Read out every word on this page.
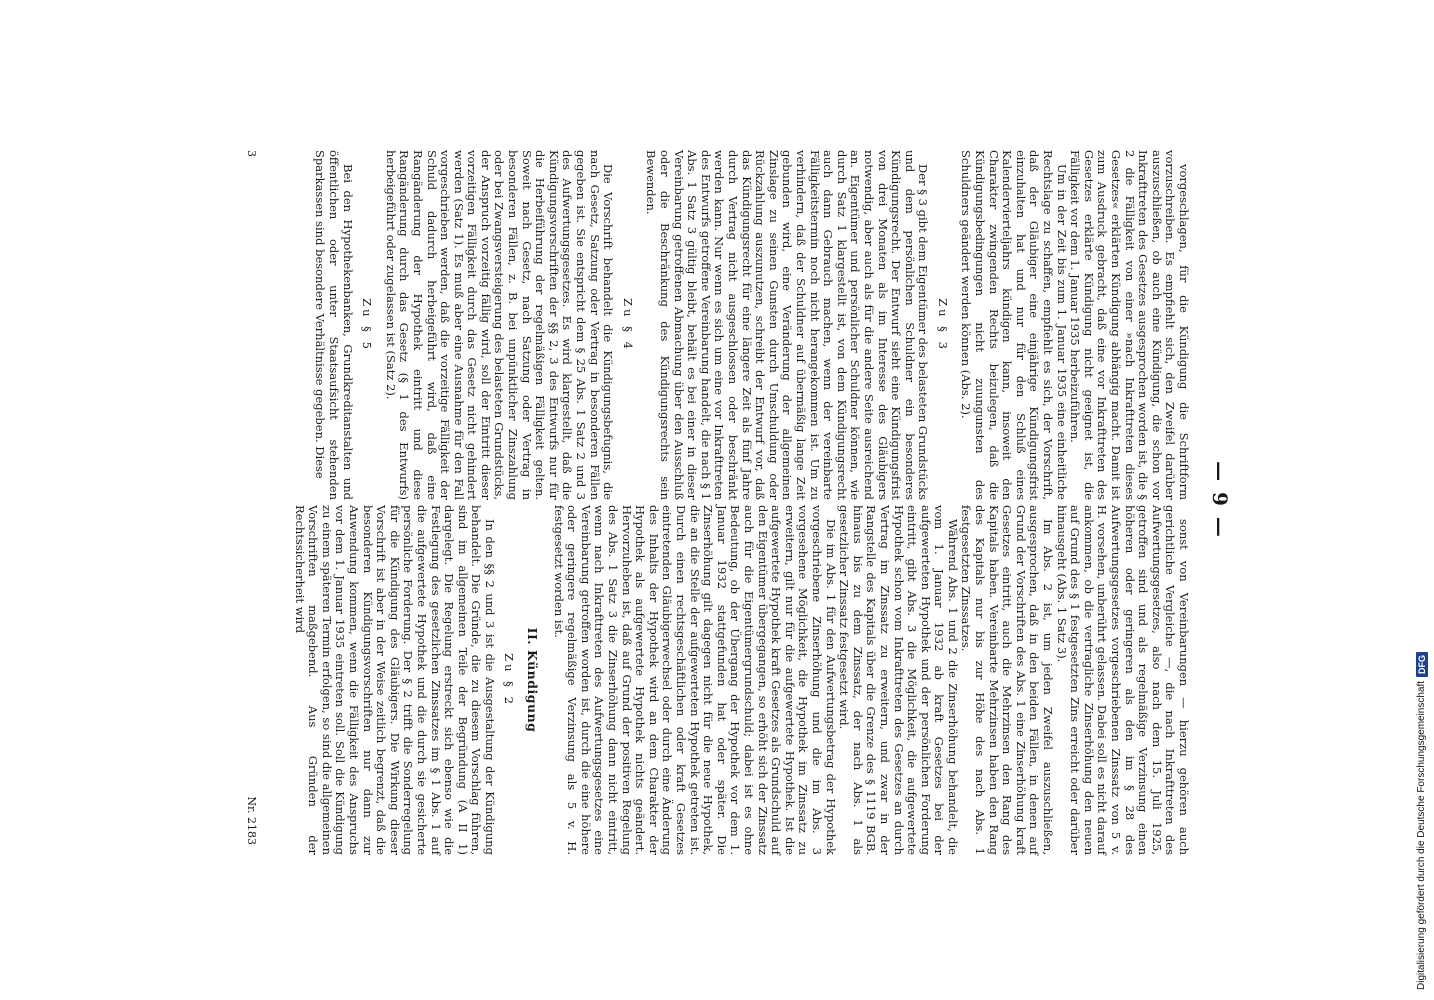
— 9 —

vorgeschlagen, für die Kündigung die Schriftform vorzuschreiben. Es empfiehlt sich, den Zweifel darüber auszuschließen, ob auch eine Kündigung, die schon vor Inkrafttreten des Gesetzes ausgesprochen worden ist, die § 2 die Fälligkeit von einer »nach Inkrafttreten dieses Gesetzes« erklärten Kündigung abhängig macht. Damit ist zum Ausdruck gebracht, daß eine vor Inkrafttreten des Gesetzes erklärte Kündigung nicht geeignet ist, die Fälligkeit vor dem 1. Januar 1935 herbeizuführen.

Um in der Zeit bis zum 1. Januar 1935 eine einheitliche Rechtslage zu schaffen, empfiehlt es sich, der Vorschrift, daß der Gläubiger eine einjährige Kündigungsfrist einzuhalten hat und nur für den Schluß eines Kalendervierteljahrs kündigen kann, insoweit den Charakter zwingenden Rechts beizulegen, daß die Kündigungsbedingungen nicht zuungunsten des Schuldners geändert werden können (Abs. 2).

Zu § 3

Der § 3 gibt dem Eigentümer des belasteten Grundstücks und dem persönlichen Schuldner ein besonderes Kündigungsrecht. Der Entwurf sieht eine Kündigungsfrist von drei Monaten als im Interesse des Gläubigers notwendig, aber auch als für die andere Seite ausreichend an. Eigentümer und persönlicher Schuldner können, wie durch Satz 1 klargestellt ist, von dem Kündigungsrecht auch dann Gebrauch machen, wenn der vereinbarte Fälligkeitstermin noch nicht herangekommen ist. Um zu verhindern, daß der Schuldner auf übermäßig lange Zeit gebunden wird, eine Veränderung der allgemeinen Zinslage zu seinen Gunsten durch Umschuldung oder Rückzahlung auszunutzen, schreibt der Entwurf vor, daß das Kündigungsrecht für eine längere Zeit als fünf Jahre durch Vertrag nicht ausgeschlossen oder beschränkt werden kann. Nur wenn es sich um eine vor Inkrafttreten des Entwurfs getroffene Vereinbarung handelt, die nach § 1 Abs. 1 Satz 3 gültig bleibt, behält es bei einer in dieser Vereinbarung getroffenen Abmachung über den Ausschluß oder die Beschränkung des Kündigungsrechts sein Bewenden.

Zu § 4

Die Vorschrift behandelt die Kündigungsbefugnis, die nach Gesetz, Satzung oder Vertrag in besonderen Fällen gegeben ist. Sie entspricht dem § 25 Abs. 1 Satz 2 und 3 des Aufwertungsgesetzes. Es wird klargestellt, daß die Kündigungsvorschriften der §§ 2, 3 des Entwurfs nur für die Herbeiführung der regelmäßigen Fälligkeit gelten. Soweit nach Gesetz, nach Satzung oder Vertrag in besonderen Fällen, z. B. bei unpünktlicher Zinszahlung oder bei Zwangsversteigerung des belasteten Grundstücks, der Anspruch vorzeitig fällig wird, soll der Eintritt dieser vorzeitigen Fälligkeit durch das Gesetz nicht gehindert werden (Satz 1). Es muß aber eine Ausnahme für den Fall vorgeschrieben werden, daß die vorzeitige Fälligkeit der Schuld dadurch herbeigeführt wird, daß eine Rangänderung der Hypothek eintritt und diese Rangänderung durch das Gesetz (§ 1 des Entwurfs) herbeigeführt oder zugelassen ist (Satz 2).

Zu § 5

Bei den Hypothekenbanken, Grundkreditanstalten und öffentlichen oder unter Staatsaufsicht stehenden Sparkassen sind besondere Verhältnisse gegeben. Diese

sonst von Vereinbarungen — hierzu gehören auch gerichtliche Vergleiche —, die nach Inkrafttreten des Aufwertungsgesetzes, also nach dem 15. Juli 1925, getroffen sind und als regelmäßige Verzinsung einen höheren oder geringeren als den im § 28 des Aufwertungsgesetzes vorgeschriebenen Zinssatz von 5 v. H. vorsehen, unberührt gelassen. Dabei soll es nicht darauf ankommen, ob die vertragliche Zinserhöhung den neuen auf Grund des § 1 festgesetzten Zins erreicht oder darüber hinausgeht (Abs. 1 Satz 3).

Im Abs. 2 ist, um jeden Zweifel auszuschließen, ausgesprochen, daß in den beiden Fällen, in denen auf Grund der Vorschriften des Abs. 1 eine Zinserhöhung kraft Gesetzes eintritt, auch die Mehrzinsen den Rang des Kapitals haben. Vereinbarte Mehrzinsen haben den Rang des Kapitals nur bis zur Höhe des nach Abs. 1 festgesetzten Zinssatzes.

Während Abs. 1 und 2 die Zinserhöhung behandelt, die vom 1. Januar 1932 ab kraft Gesetzes bei der aufgewerteten Hypothek und der persönlichen Forderung eintritt, gibt Abs. 3 die Möglichkeit, die aufgewertete Hypothek schon vom Inkrafttreten des Gesetzes an durch Vertrag im Zinssatz zu erweitern, und zwar in der Rangstelle des Kapitals über die Grenze des § 1119 BGB. hinaus bis zu dem Zinssatz, der nach Abs. 1 als gesetzlicher Zinssatz festgesetzt wird.

Die im Abs. 1 für den Aufwertungsbetrag der Hypothek vorgeschriebene Zinserhöhung und die im Abs. 3 vorgesehene Möglichkeit, die Hypothek im Zinssatz zu erweitern, gilt nur für die aufgewertete Hypothek. Ist die aufgewertete Hypothek kraft Gesetzes als Grundschuld auf den Eigentümer übergegangen, so erhöht sich der Zinssatz auch für die Eigentümergrundschuld; dabei ist es ohne Bedeutung, ob der Übergang der Hypothek vor dem 1. Januar 1932 stattgefunden hat oder später. Die Zinserhöhung gilt dagegen nicht für die neue Hypothek, die an die Stelle der aufgewerteten Hypothek getreten ist. Durch einen rechtsgeschäftlichen oder kraft Gesetzes eintretenden Gläubigerwechsel oder durch eine Änderung des Inhalts der Hypothek wird an dem Charakter der Hypothek als aufgewertete Hypothek nichts geändert. Hervorzuheben ist, daß auf Grund der positiven Regelung des Abs. 1 Satz 3 die Zinserhöhung dann nicht eintritt, wenn nach Inkrafttreten des Aufwertungsgesetzes eine Vereinbarung getroffen worden ist, durch die eine höhere oder geringere regelmäßige Verzinsung als 5 v. H. festgesetzt worden ist.

II. Kündigung
Zu § 2

In den §§ 2 und 3 ist die Ausgestaltung der Kündigung behandelt. Die Gründe, die zu diesem Vorschlag führen, sind im allgemeinen Teile der Begründung (A II 1) dargelegt. Die Regelung erstreckt sich ebenso wie die Festlegung des gesetzlichen Zinssatzes im § 1 Abs. 1 auf die aufgewertete Hypothek und die durch sie gesicherte persönliche Forderung. Der § 2 trifft die Sonderregelung für die Kündigung des Gläubigers. Die Wirkung dieser Vorschrift ist aber in der Weise zeitlich begrenzt, daß die besonderen Kündigungsvorschriften nur dann zur Anwendung kommen, wenn die Fälligkeit des Anspruchs vor dem 1. Januar 1935 eintreten soll. Soll die Kündigung zu einem späteren Termin erfolgen, so sind die allgemeinen Vorschriften maßgebend. Aus Gründen der Rechtssicherheit wird

3
Nr. 2183	Digitalisierung gefördert durch die Deutsche Forschungsgemeinschaft
DFG
